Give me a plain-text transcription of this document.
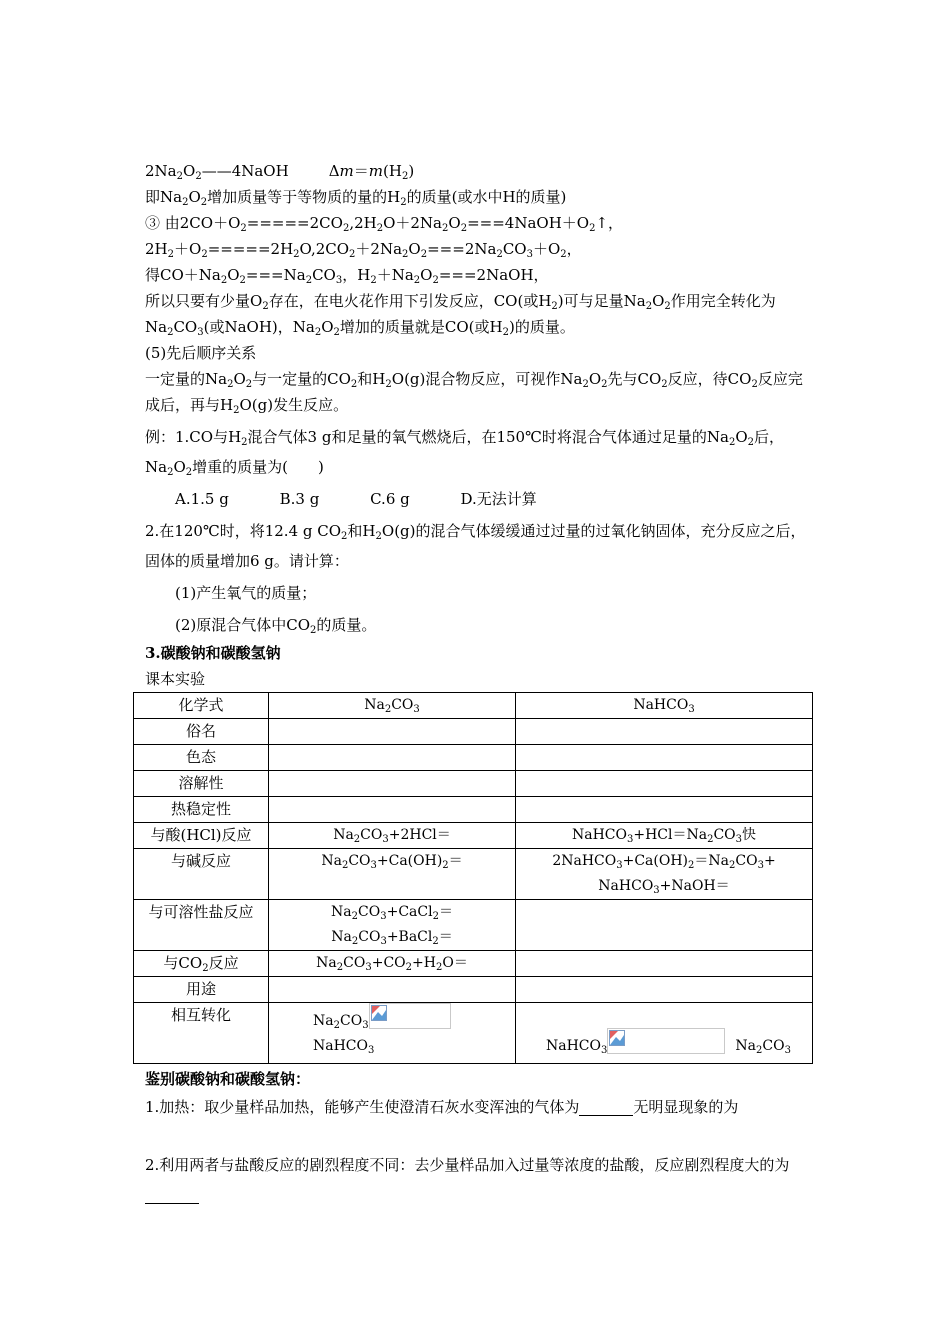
$2Na_2O_2——4NaOH$	$\Delta m=m(H_2)$
即$Na_2O_2$增加质量等于等物质的量的$H_2$的质量(或水中H的质量)
③ 由$2CO+O_2=====2CO_2,2H_2O+2Na_2O_2===4NaOH+O_2↑$，
$2H_2+O_2=====2H_2O,2CO_2+2Na_2O_2===2Na_2CO_3+O_2$，
得$CO+Na_2O_2===Na_2CO_3$，$H_2+Na_2O_2===2NaOH$，
所以只要有少量$O_2$存在，在电火花作用下引发反应，CO(或$H_2$)可与足量$Na_2O_2$作用完全转化为$Na_2CO_3$(或NaOH)，$Na_2O_2$增加的质量就是CO(或$H_2$)的质量。
(5)先后顺序关系
一定量的$Na_2O_2$与一定量的$CO_2$和$H_2O(g)$混合物反应，可视作$Na_2O_2$先与$CO_2$反应，待$CO_2$反应完成后，再与$H_2O(g)$发生反应。
例：1.CO与$H_2$混合气体3 g和足量的氧气燃烧后，在150℃时将混合气体通过足量的$Na_2O_2$后，$Na_2O_2$增重的质量为(　　)
A.1.5 g	B.3 g	C.6 g	D.无法计算
2.在120℃时，将12.4 g $CO_2$和$H_2O(g)$的混合气体缓缓通过过量的过氧化钠固体，充分反应之后，固体的质量增加6 g。请计算：
(1)产生氧气的质量；
(2)原混合气体中$CO_2$的质量。
3.碳酸钠和碳酸氢钠
课本实验
化学式	$Na_2CO_3$	NaHCO$_3$
俗名		
色态		
溶解性		
热稳定性		
与酸(HCl)反应	$Na_2CO_3+2HCl=$	$NaHCO_3+HCl=Na_2CO_3$快
与碱反应	$Na_2CO_3+Ca(OH)_2=$	$2NaHCO_3+Ca(OH)_2=Na_2CO_3+$
NaHCO$_3$+NaOH＝

与可溶性盐反应	$Na_2CO_3+CaCl_2=$
$Na_2CO_3+BaCl_2=$	

与$CO_2$反应	$Na_2CO_3+CO_2+H_2O=$	
用途		
相互转化	$Na_2CO_3$
NaHCO$_3$	NaHCO$_3$ $Na_2CO_3$
鉴别碳酸钠和碳酸氢钠：
1.加热：取少量样品加热，能够产生使澄清石灰水变浑浊的气体为	无明显现象的为
2.利用两者与盐酸反应的剧烈程度不同：去少量样品加入过量等浓度的盐酸，反应剧烈程度大的为
